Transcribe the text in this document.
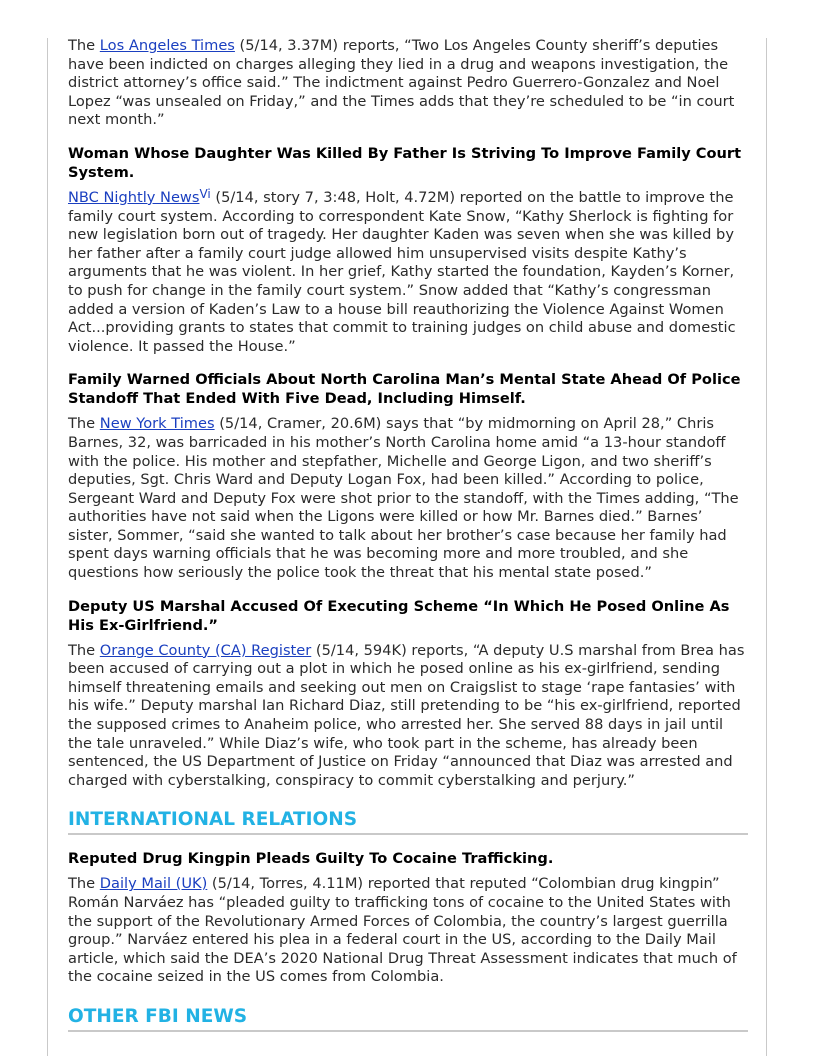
The Los Angeles Times (5/14, 3.37M) reports, “Two Los Angeles County sheriff’s deputies have been indicted on charges alleging they lied in a drug and weapons investigation, the district attorney’s office said.” The indictment against Pedro Guerrero-Gonzalez and Noel Lopez “was unsealed on Friday,” and the Times adds that they’re scheduled to be “in court next month.”

Woman Whose Daughter Was Killed By Father Is Striving To Improve Family Court System.

NBC Nightly News$^{Vi}$ (5/14, story 7, 3:48, Holt, 4.72M) reported on the battle to improve the family court system. According to correspondent Kate Snow, “Kathy Sherlock is fighting for new legislation born out of tragedy. Her daughter Kaden was seven when she was killed by her father after a family court judge allowed him unsupervised visits despite Kathy’s arguments that he was violent. In her grief, Kathy started the foundation, Kayden’s Korner, to push for change in the family court system.” Snow added that “Kathy’s congressman added a version of Kaden’s Law to a house bill reauthorizing the Violence Against Women Act...providing grants to states that commit to training judges on child abuse and domestic violence. It passed the House.”

Family Warned Officials About North Carolina Man’s Mental State Ahead Of Police Standoff That Ended With Five Dead, Including Himself.

The New York Times (5/14, Cramer, 20.6M) says that “by midmorning on April 28,” Chris Barnes, 32, was barricaded in his mother’s North Carolina home amid “a 13-hour standoff with the police. His mother and stepfather, Michelle and George Ligon, and two sheriff’s deputies, Sgt. Chris Ward and Deputy Logan Fox, had been killed.” According to police, Sergeant Ward and Deputy Fox were shot prior to the standoff, with the Times adding, “The authorities have not said when the Ligons were killed or how Mr. Barnes died.” Barnes’ sister, Sommer, “said she wanted to talk about her brother’s case because her family had spent days warning officials that he was becoming more and more troubled, and she questions how seriously the police took the threat that his mental state posed.”

Deputy US Marshal Accused Of Executing Scheme “In Which He Posed Online As His Ex-Girlfriend.”

The Orange County (CA) Register (5/14, 594K) reports, “A deputy U.S marshal from Brea has been accused of carrying out a plot in which he posed online as his ex-girlfriend, sending himself threatening emails and seeking out men on Craigslist to stage ‘rape fantasies’ with his wife.” Deputy marshal Ian Richard Diaz, still pretending to be “his ex-girlfriend, reported the supposed crimes to Anaheim police, who arrested her. She served 88 days in jail until the tale unraveled.” While Diaz’s wife, who took part in the scheme, has already been sentenced, the US Department of Justice on Friday “announced that Diaz was arrested and charged with cyberstalking, conspiracy to commit cyberstalking and perjury.”

INTERNATIONAL RELATIONS
Reputed Drug Kingpin Pleads Guilty To Cocaine Trafficking.

The Daily Mail (UK) (5/14, Torres, 4.11M) reported that reputed “Colombian drug kingpin” Román Narváez has “pleaded guilty to trafficking tons of cocaine to the United States with the support of the Revolutionary Armed Forces of Colombia, the country’s largest guerrilla group.” Narváez entered his plea in a federal court in the US, according to the Daily Mail article, which said the DEA’s 2020 National Drug Threat Assessment indicates that much of the cocaine seized in the US comes from Colombia.

OTHER FBI NEWS
